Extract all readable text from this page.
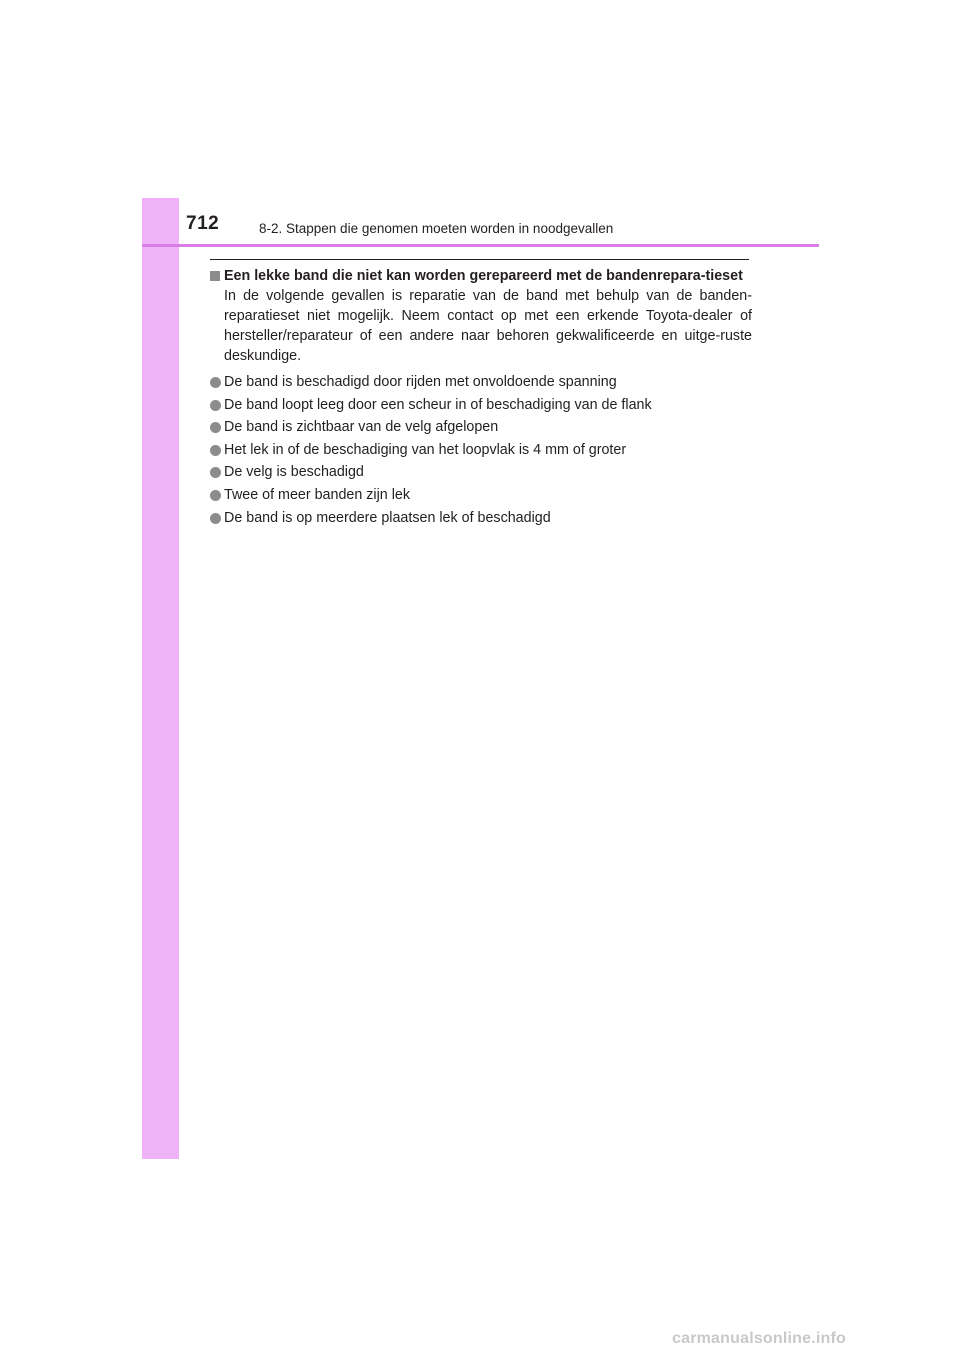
712	8-2. Stappen die genomen moeten worden in noodgevallen
Een lekke band die niet kan worden gerepareerd met de bandenrepara-tieset

In de volgende gevallen is reparatie van de band met behulp van de banden-reparatieset niet mogelijk. Neem contact op met een erkende Toyota-dealer of hersteller/reparateur of een andere naar behoren gekwalificeerde en uitge-ruste deskundige.

De band is beschadigd door rijden met onvoldoende spanning
De band loopt leeg door een scheur in of beschadiging van de flank
De band is zichtbaar van de velg afgelopen
Het lek in of de beschadiging van het loopvlak is 4 mm of groter
De velg is beschadigd
Twee of meer banden zijn lek
De band is op meerdere plaatsen lek of beschadigd
carmanualsonline.info
